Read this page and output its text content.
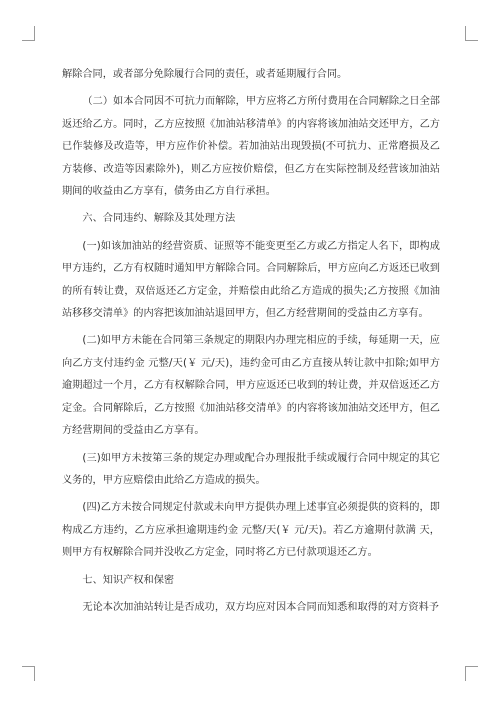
解除合同，或者部分免除履行合同的责任，或者延期履行合同。

（二）如本合同因不可抗力而解除，甲方应将乙方所付费用在合同解除之日全部返还给乙方。同时，乙方应按照《加油站移清单》的内容将该加油站交还甲方，乙方已作装修及改造等，甲方应作价补偿。若加油站出现毁损(不可抗力、正常磨损及乙方装修、改造等因素除外)，则乙方应按价赔偿，但乙方在实际控制及经营该加油站期间的收益由乙方享有，债务由乙方自行承担。

六、合同违约、解除及其处理方法

(一)如该加油站的经营资质、证照等不能变更至乙方或乙方指定人名下，即构成甲方违约，乙方有权随时通知甲方解除合同。合同解除后，甲方应向乙方返还已收到的所有转让费，双倍返还乙方定金，并赔偿由此给乙方造成的损失;乙方按照《加油站移移交清单》的内容把该加油站退回甲方，但乙方经营期间的受益由乙方享有。

(二)如甲方未能在合同第三条规定的期限内办理完相应的手续，每延期一天，应向乙方支付违约金 元整/天(￥ 元/天)，违约金可由乙方直接从转让款中扣除;如甲方逾期超过一个月，乙方有权解除合同，甲方应返还已收到的转让费，并双倍返还乙方定金。合同解除后，乙方按照《加油站移交清单》的内容将该加油站交还甲方，但乙方经营期间的受益由乙方享有。

(三)如甲方未按第三条的规定办理或配合办理报批手续或履行合同中规定的其它义务的，甲方应赔偿由此给乙方造成的损失。

(四)乙方未按合同规定付款或未向甲方提供办理上述事宜必须提供的资料的，即构成乙方违约，乙方应承担逾期违约金 元整/天(￥ 元/天)。若乙方逾期付款满 天，则甲方有权解除合同并没收乙方定金，同时将乙方已付款项退还乙方。

七、知识产权和保密

无论本次加油站转让是否成功，双方均应对因本合同而知悉和取得的对方资料予
